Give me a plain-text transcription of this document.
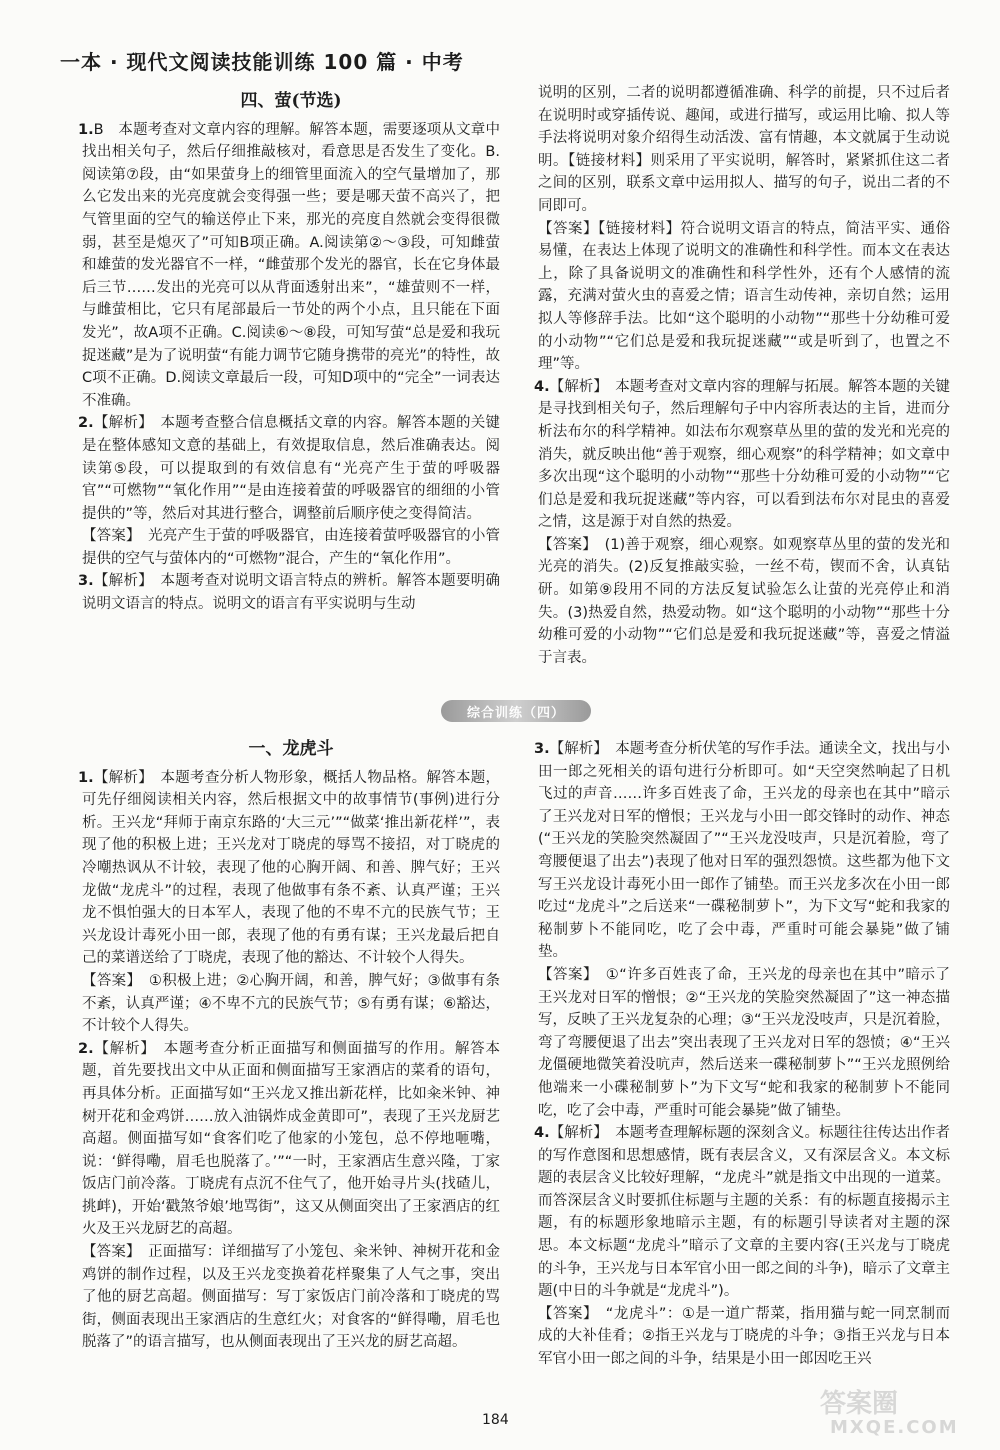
一本 · 现代文阅读技能训练 100 篇 · 中考
四、萤(节选)
1.B　本题考查对文章内容的理解。解答本题，需要逐项从文章中找出相关句子，然后仔细推敲核对，看意思是否发生了变化。B.阅读第⑦段，由“如果萤身上的细管里面流入的空气量增加了，那么它发出来的光亮度就会变得强一些；要是哪天萤不高兴了，把气管里面的空气的输送停止下来，那光的亮度自然就会变得很微弱，甚至是熄灭了”可知B项正确。A.阅读第②～③段，可知雌萤和雄萤的发光器官不一样，“雌萤那个发光的器官，长在它身体最后三节……发出的光亮可以从背面透射出来”，“雄萤则不一样，与雌萤相比，它只有尾部最后一节处的两个小点，且只能在下面发光”，故A项不正确。C.阅读⑥～⑧段，可知写萤“总是爱和我玩捉迷藏”是为了说明萤“有能力调节它随身携带的亮光”的特性，故C项不正确。D.阅读文章最后一段，可知D项中的“完全”一词表达不准确。
2.【解析】　本题考查整合信息概括文章的内容。解答本题的关键是在整体感知文意的基础上，有效提取信息，然后准确表达。阅读第⑤段，可以提取到的有效信息有“光亮产生于萤的呼吸器官”“可燃物”“氧化作用”“是由连接着萤的呼吸器官的细细的小管提供的”等，然后对其进行整合，调整前后顺序使之变得简洁。
【答案】　光亮产生于萤的呼吸器官，由连接着萤呼吸器官的小管提供的空气与萤体内的“可燃物”混合，产生的“氧化作用”。
3.【解析】　本题考查对说明文语言特点的辨析。解答本题要明确说明文语言的特点。说明文的语言有平实说明与生动

说明的区别，二者的说明都遵循准确、科学的前提，只不过后者在说明时或穿插传说、趣闻，或进行描写，或运用比喻、拟人等手法将说明对象介绍得生动活泼、富有情趣，本文就属于生动说明。【链接材料】则采用了平实说明，解答时，紧紧抓住这二者之间的区别，联系文章中运用拟人、描写的句子，说出二者的不同即可。

【答案】【链接材料】符合说明文语言的特点，简洁平实、通俗易懂，在表达上体现了说明文的准确性和科学性。而本文在表达上，除了具备说明文的准确性和科学性外，还有个人感情的流露，充满对萤火虫的喜爱之情；语言生动传神，亲切自然；运用拟人等修辞手法。比如“这个聪明的小动物”“那些十分幼稚可爱的小动物”“它们总是爱和我玩捉迷藏”“或是听到了，也置之不理”等。

4.【解析】　本题考查对文章内容的理解与拓展。解答本题的关键是寻找到相关句子，然后理解句子中内容所表达的主旨，进而分析法布尔的科学精神。如法布尔观察草丛里的萤的发光和光亮的消失，就反映出他“善于观察，细心观察”的科学精神；如文章中多次出现“这个聪明的小动物”“那些十分幼稚可爱的小动物”“它们总是爱和我玩捉迷藏”等内容，可以看到法布尔对昆虫的喜爱之情，这是源于对自然的热爱。
【答案】　(1)善于观察，细心观察。如观察草丛里的萤的发光和光亮的消失。(2)反复推敲实验，一丝不苟，锲而不舍，认真钻研。如第⑨段用不同的方法反复试验怎么让萤的光亮停止和消失。(3)热爱自然，热爱动物。如“这个聪明的小动物”“那些十分幼稚可爱的小动物”“它们总是爱和我玩捉迷藏”等，喜爱之情溢于言表。
综合训练（四）
一、龙虎斗
1.【解析】　本题考查分析人物形象，概括人物品格。解答本题，可先仔细阅读相关内容，然后根据文中的故事情节(事例)进行分析。王兴龙“拜师于南京东路的‘大三元’”“做菜‘推出新花样’”，表现了他的积极上进；王兴龙对丁晓虎的辱骂不接招，对丁晓虎的冷嘲热讽从不计较，表现了他的心胸开阔、和善、脾气好；王兴龙做“龙虎斗”的过程，表现了他做事有条不紊、认真严谨；王兴龙不惧怕强大的日本军人，表现了他的不卑不亢的民族气节；王兴龙设计毒死小田一郎，表现了他的有勇有谋；王兴龙最后把自己的菜谱送给了丁晓虎，表现了他的豁达、不计较个人得失。
【答案】　①积极上进；②心胸开阔，和善，脾气好；③做事有条不紊，认真严谨；④不卑不亢的民族气节；⑤有勇有谋；⑥豁达，不计较个人得失。
2.【解析】　本题考查分析正面描写和侧面描写的作用。解答本题，首先要找出文中从正面和侧面描写王家酒店的菜肴的语句，再具体分析。正面描写如“王兴龙又推出新花样，比如籴米钟、神树开花和金鸡饼……放入油锅炸成金黄即可”，表现了王兴龙厨艺高超。侧面描写如“食客们吃了他家的小笼包，总不停地咂嘴，说：‘鲜得嘞，眉毛也脱落了。’”“一时，王家酒店生意兴隆，丁家饭店门前冷落。丁晓虎有点沉不住气了，他开始寻片头(找碴儿，挑衅)，开始‘戳煞爷娘’地骂街”，这又从侧面突出了王家酒店的红火及王兴龙厨艺的高超。
【答案】　正面描写：详细描写了小笼包、籴米钟、神树开花和金鸡饼的制作过程，以及王兴龙变换着花样聚集了人气之事，突出了他的厨艺高超。侧面描写：写丁家饭店门前冷落和丁晓虎的骂街，侧面表现出王家酒店的生意红火；对食客的“鲜得嘞，眉毛也脱落了”的语言描写，也从侧面表现出了王兴龙的厨艺高超。
3.【解析】　本题考查分析伏笔的写作手法。通读全文，找出与小田一郎之死相关的语句进行分析即可。如“天空突然响起了日机飞过的声音……许多百姓丧了命，王兴龙的母亲也在其中”暗示了王兴龙对日军的憎恨；王兴龙与小田一郎交锋时的动作、神态(“王兴龙的笑脸突然凝固了”“王兴龙没吱声，只是沉着脸，弯了弯腰便退了出去”)表现了他对日军的强烈怨愤。这些都为他下文写王兴龙设计毒死小田一郎作了铺垫。而王兴龙多次在小田一郎吃过“龙虎斗”之后送来“一碟秘制萝卜”，为下文写“蛇和我家的秘制萝卜不能同吃，吃了会中毒，严重时可能会暴毙”做了铺垫。
【答案】　①“许多百姓丧了命，王兴龙的母亲也在其中”暗示了王兴龙对日军的憎恨；②“王兴龙的笑脸突然凝固了”这一神态描写，反映了王兴龙复杂的心理；③“王兴龙没吱声，只是沉着脸，弯了弯腰便退了出去”突出表现了王兴龙对日军的怨愤；④“王兴龙僵硬地微笑着没吭声，然后送来一碟秘制萝卜”“王兴龙照例给他端来一小碟秘制萝卜”为下文写“蛇和我家的秘制萝卜不能同吃，吃了会中毒，严重时可能会暴毙”做了铺垫。
4.【解析】　本题考查理解标题的深刻含义。标题往往传达出作者的写作意图和思想感情，既有表层含义，又有深层含义。本文标题的表层含义比较好理解，“龙虎斗”就是指文中出现的一道菜。而答深层含义时要抓住标题与主题的关系：有的标题直接揭示主题，有的标题形象地暗示主题，有的标题引导读者对主题的深思。本文标题“龙虎斗”暗示了文章的主要内容(王兴龙与丁晓虎的斗争，王兴龙与日本军官小田一郎之间的斗争)，暗示了文章主题(中日的斗争就是“龙虎斗”)。
【答案】　“龙虎斗”：①是一道广帮菜，指用猫与蛇一同烹制而成的大补佳肴；②指王兴龙与丁晓虎的斗争；③指王兴龙与日本军官小田一郎之间的斗争，结果是小田一郎因吃王兴
184
答案圈
MXQE.COM
